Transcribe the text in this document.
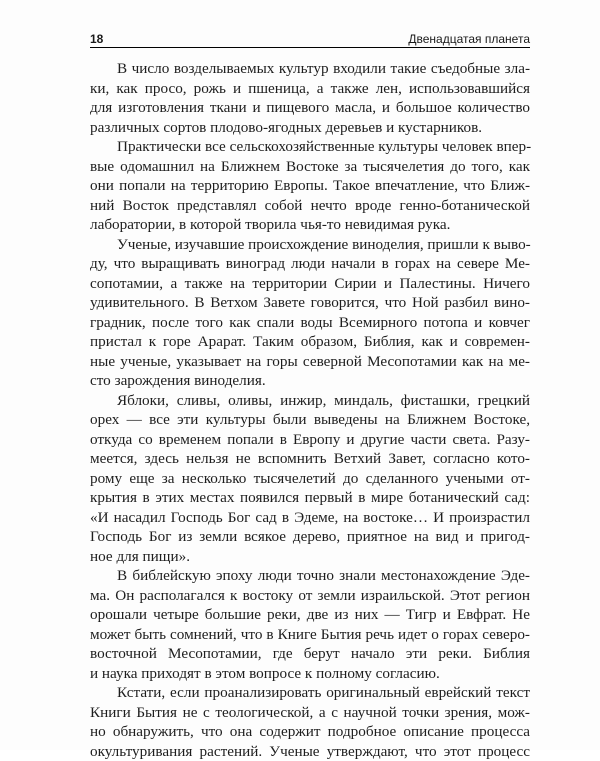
18	Двенадцатая планета
В число возделываемых культур входили такие съедобные зла-
ки, как просо, рожь и пшеница, а также лен, использовавшийся
для изготовления ткани и пищевого масла, и большое количество
различных сортов плодово-ягодных деревьев и кустарников.
Практически все сельскохозяйственные культуры человек впер-
вые одомашнил на Ближнем Востоке за тысячелетия до того, как
они попали на территорию Европы. Такое впечатление, что Ближ-
ний Восток представлял собой нечто вроде генно-ботанической
лаборатории, в которой творила чья-то невидимая рука.
Ученые, изучавшие происхождение виноделия, пришли к выво-
ду, что выращивать виноград люди начали в горах на севере Ме-
сопотамии, а также на территории Сирии и Палестины. Ничего
удивительного. В Ветхом Завете говорится, что Ной разбил вино-
градник, после того как спали воды Всемирного потопа и ковчег
пристал к горе Арарат. Таким образом, Библия, как и современ-
ные ученые, указывает на горы северной Месопотамии как на ме-
сто зарождения виноделия.
Яблоки, сливы, оливы, инжир, миндаль, фисташки, грецкий
орех — все эти культуры были выведены на Ближнем Востоке,
откуда со временем попали в Европу и другие части света. Разу-
меется, здесь нельзя не вспомнить Ветхий Завет, согласно кото-
рому еще за несколько тысячелетий до сделанного учеными от-
крытия в этих местах появился первый в мире ботанический сад:
«И насадил Господь Бог сад в Эдеме, на востоке… И произрастил
Господь Бог из земли всякое дерево, приятное на вид и пригод-
ное для пищи».
В библейскую эпоху люди точно знали местонахождение Эде-
ма. Он располагался к востоку от земли израильской. Этот регион
орошали четыре большие реки, две из них — Тигр и Евфрат. Не
может быть сомнений, что в Книге Бытия речь идет о горах северо-
восточной Месопотамии, где берут начало эти реки. Библия
и наука приходят в этом вопросе к полному согласию.
Кстати, если проанализировать оригинальный еврейский текст
Книги Бытия не с теологической, а с научной точки зрения, мож-
но обнаружить, что она содержит подробное описание процесса
окультуривания растений. Ученые утверждают, что этот процесс
